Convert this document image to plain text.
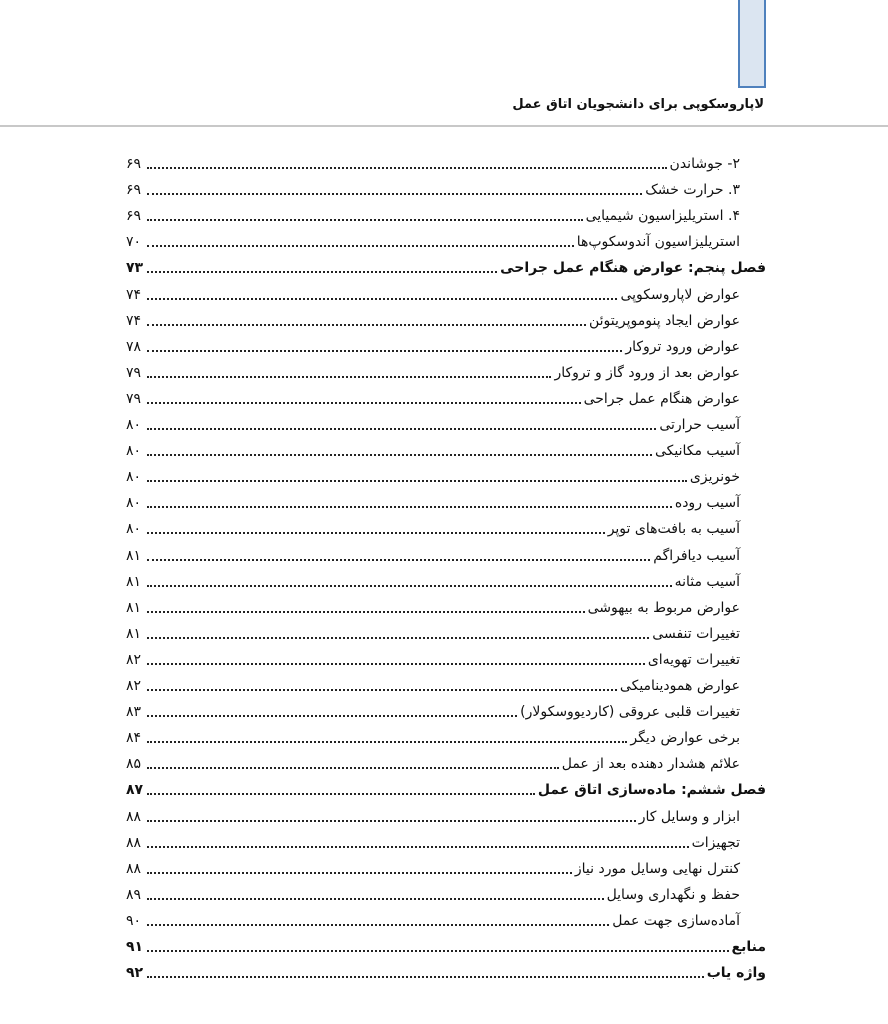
لاپاروسکوپی برای دانشجویان اتاق عمل
۲- جوشاندن
۶۹
۳. حرارت خشک
۶۹
۴. استریلیزاسیون شیمیایی
۶۹
استریلیزاسیون آندوسکوپ‌ها
۷۰
فصل پنجم: عوارض هنگام عمل جراحی
۷۳
عوارض لاپاروسکوپی
۷۴
عوارض ایجاد پنوموپریتوئن
۷۴
عوارض ورود تروکار
۷۸
عوارض بعد از ورود گاز و تروکار
۷۹
عوارض هنگام عمل جراحی
۷۹
آسیب حرارتی
۸۰
آسیب مکانیکی
۸۰
خونریزی
۸۰
آسیب روده
۸۰
آسیب به بافت‌های توپر
۸۰
آسیب دیافراگم
۸۱
آسیب مثانه
۸۱
عوارض مربوط به بیهوشی
۸۱
تغییرات تنفسی
۸۱
تغییرات تهویه‌ای
۸۲
عوارض همودینامیکی
۸۲
تغییرات قلبی عروقی (کاردیووسکولار)
۸۳
برخی عوارض دیگر
۸۴
علائم هشدار دهنده بعد از عمل
۸۵
فصل ششم: ماده‌سازی اتاق عمل
۸۷
ابزار و وسایل کار
۸۸
تجهیزات
۸۸
کنترل نهایی وسایل مورد نیاز
۸۸
حفظ و نگهداری وسایل
۸۹
آماده‌سازی جهت عمل
۹۰
منابع
۹۱
واژه یاب
۹۲
